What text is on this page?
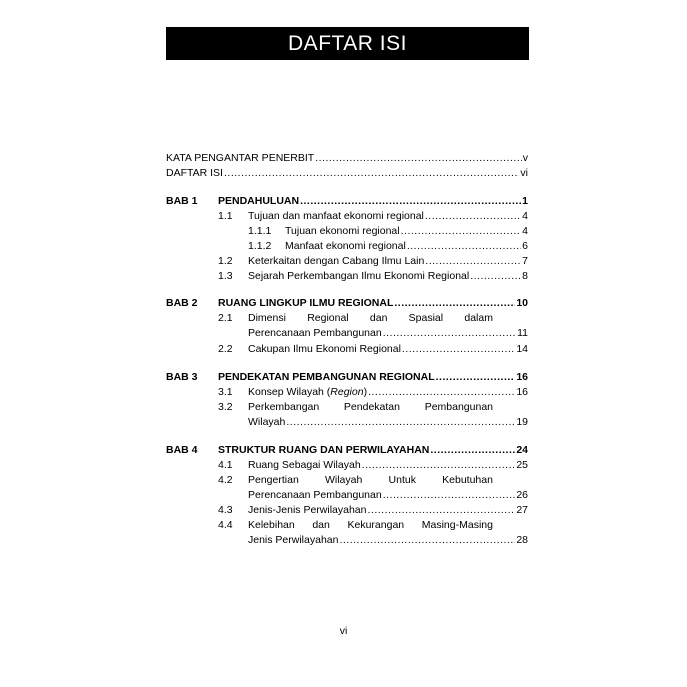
DAFTAR ISI
KATA PENGANTAR PENERBIT .....	v
DAFTAR ISI .....	vi
BAB 1 PENDAHULUAN .....	1
1.1 Tujuan dan manfaat ekonomi regional .....	4
1.1.1 Tujuan ekonomi regional .....	4
1.1.2 Manfaat ekonomi regional .....	6
1.2 Keterkaitan dengan Cabang Ilmu Lain .....	7
1.3 Sejarah Perkembangan Ilmu Ekonomi Regional .....	8
BAB 2 RUANG LINGKUP ILMU REGIONAL .....	10
2.1 Dimensi Regional dan Spasial dalam
Perencanaan Pembangunan .....	11
2.2 Cakupan Ilmu Ekonomi Regional .....	14
BAB 3 PENDEKATAN PEMBANGUNAN REGIONAL .....	16
3.1 Konsep Wilayah (Region) .....	16
3.2 Perkembangan Pendekatan Pembangunan
Wilayah .....	19
BAB 4 STRUKTUR RUANG DAN PERWILAYAHAN .....	24
4.1 Ruang Sebagai Wilayah .....	25
4.2 Pengertian Wilayah Untuk Kebutuhan
Perencanaan Pembangunan .....	26
4.3 Jenis-Jenis Perwilayahan .....	27
4.4 Kelebihan dan Kekurangan Masing-Masing
Jenis Perwilayahan .....	28
vi
